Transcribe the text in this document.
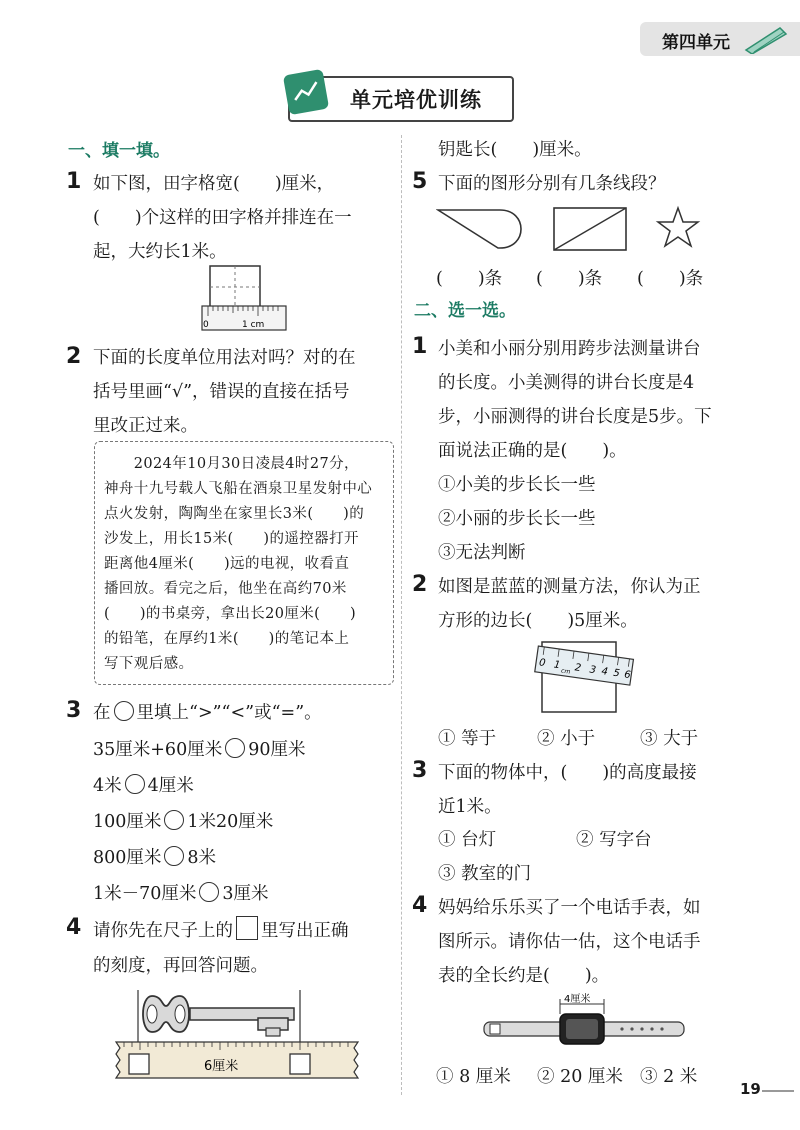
第四单元
单元培优训练
一、填一填。
1 如下图，田字格宽(　　)厘米，
(　　)个这样的田字格并排连在一
起，大约长1米。
0	1 cm
2 下面的长度单位用法对吗？对的在
括号里画“√”，错误的直接在括号
里改正过来。
　　2024年10月30日凌晨4时27分，
神舟十九号载人飞船在酒泉卫星发射中心
点火发射，陶陶坐在家里长3米(　　)的
沙发上，用长15米(　　)的遥控器打开
距离他4厘米(　　)远的电视，收看直
播回放。看完之后，他坐在高约70米
(　　)的书桌旁，拿出长20厘米(　　)
的铅笔，在厚约1米(　　)的笔记本上
写下观后感。
3 在 里填上“>”“<”或“=”。
35厘米+60厘米 90厘米
4米 4厘米
100厘米 1米20厘米
800厘米 8米
1米－70厘米 3厘米
4 请你先在尺子上的 里写出正确
的刻度，再回答问题。
6厘米
钥匙长(　　)厘米。
5 下面的图形分别有几条线段？
(　　)条 (　　)条 (　　)条
二、选一选。
1 小美和小丽分别用跨步法测量讲台
的长度。小美测得的讲台长度是4
步，小丽测得的讲台长度是5步。下
面说法正确的是(　　)。
①小美的步长长一些
②小丽的步长长一些
③无法判断
2 如图是蓝蓝的测量方法，你认为正
方形的边长(　　)5厘米。
0 1 2 3 4 5 6
cm
① 等于 ② 小于	③ 大于
3 下面的物体中，(　　)的高度最接
近1米。
① 台灯	② 写字台
③ 教室的门
4 妈妈给乐乐买了一个电话手表，如
图所示。请你估一估，这个电话手
表的全长约是(　　)。
4厘米
① 8 厘米 ② 20 厘米 ③ 2 米
19
